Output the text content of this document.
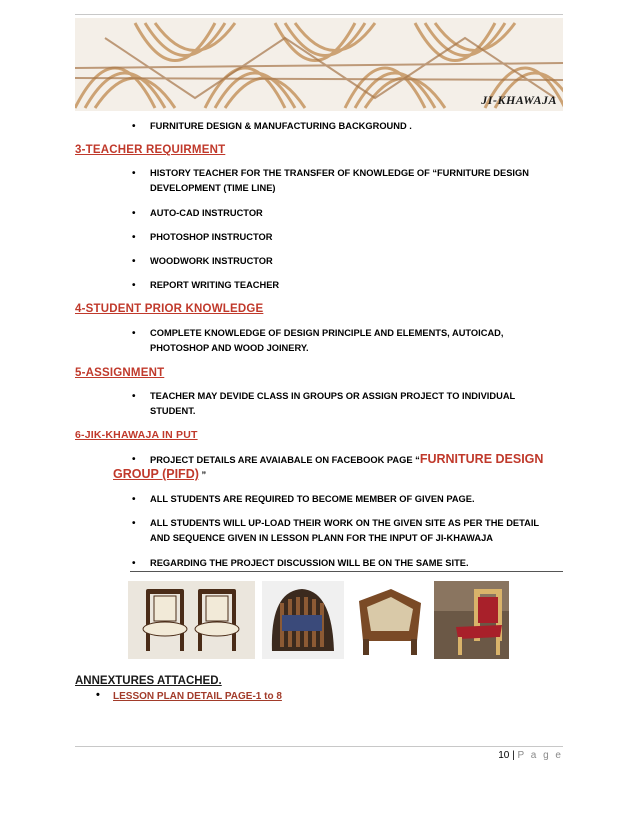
JI-KHAWAJA
• FURNITURE DESIGN & MANUFACTURING BACKGROUND .
3-TEACHER REQUIRMENT
• HISTORY TEACHER FOR THE TRANSFER OF KNOWLEDGE OF “FURNITURE DESIGN
DEVELOPMENT (TIME LINE)
• AUTO-CAD INSTRUCTOR
• PHOTOSHOP INSTRUCTOR
• WOODWORK INSTRUCTOR
• REPORT WRITING TEACHER
4-STUDENT PRIOR KNOWLEDGE
• COMPLETE KNOWLEDGE OF DESIGN PRINCIPLE AND ELEMENTS, AUTOICAD,
PHOTOSHOP AND WOOD JOINERY.
5-ASSIGNMENT
• TEACHER MAY DEVIDE CLASS IN GROUPS OR ASSIGN PROJECT TO INDIVIDUAL
STUDENT.
6-JIK-KHAWAJA IN PUT
• PROJECT DETAILS ARE AVAIABALE ON FACEBOOK PAGE “FURNITURE DESIGN
GROUP (PIFD) ”
• ALL STUDENTS ARE REQUIRED TO BECOME MEMBER OF GIVEN PAGE.
• ALL STUDENTS WILL UP-LOAD THEIR WORK ON THE GIVEN SITE AS PER THE DETAIL
AND SEQUENCE GIVEN IN LESSON PLANN FOR THE INPUT OF JI-KHAWAJA
• REGARDING THE PROJECT DISCUSSION WILL BE ON THE SAME SITE.
ANNEXTURES ATTACHED.
• LESSON PLAN DETAIL PAGE-1 to 8
10 | P a g e
